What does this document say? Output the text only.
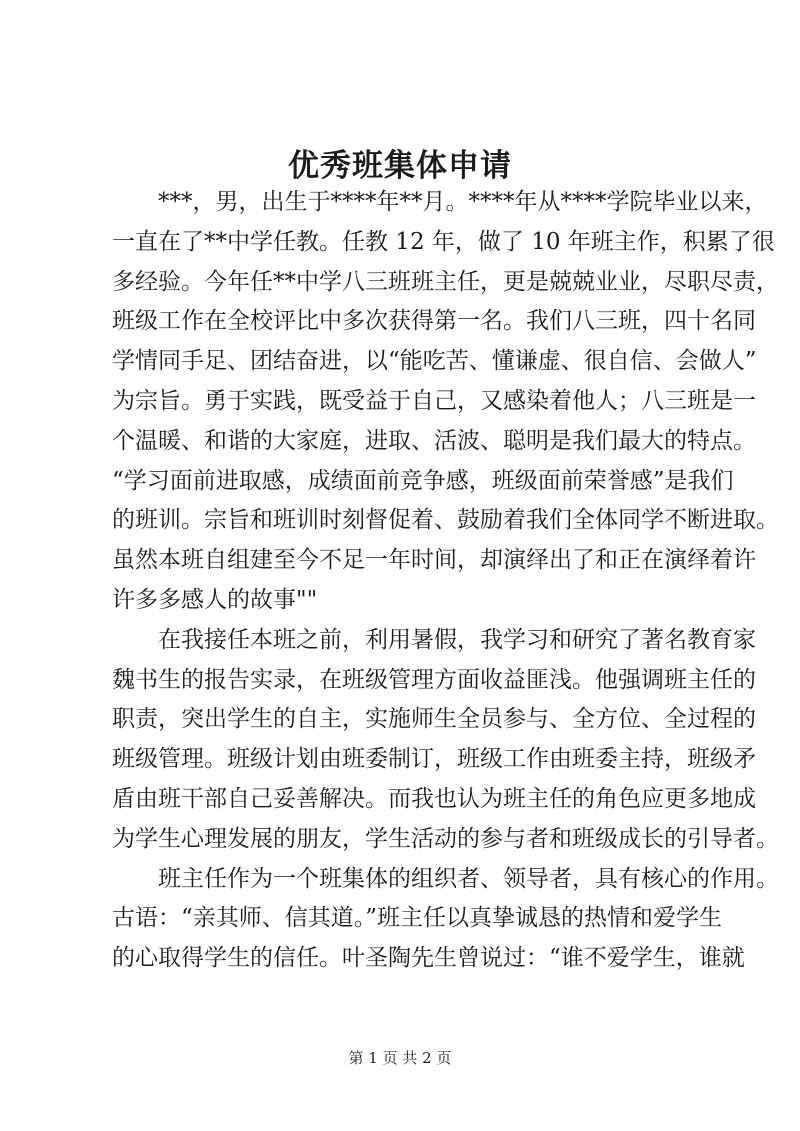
优秀班集体申请
***，男，出生于****年**月。****年从****学院毕业以来，
一直在了**中学任教。任教 12 年，做了 10 年班主作，积累了很
多经验。今年任**中学八三班班主任，更是兢兢业业，尽职尽责，
班级工作在全校评比中多次获得第一名。我们八三班，四十名同
学情同手足、团结奋进，以“能吃苦、懂谦虚、很自信、会做人”
为宗旨。勇于实践，既受益于自己，又感染着他人；八三班是一
个温暖、和谐的大家庭，进取、活波、聪明是我们最大的特点。
“学习面前进取感，成绩面前竞争感，班级面前荣誉感”是我们
的班训。宗旨和班训时刻督促着、鼓励着我们全体同学不断进取。
虽然本班自组建至今不足一年时间，却演绎出了和正在演绎着许
许多多感人的故事""
在我接任本班之前，利用暑假，我学习和研究了著名教育家
魏书生的报告实录，在班级管理方面收益匪浅。他强调班主任的
职责，突出学生的自主，实施师生全员参与、全方位、全过程的
班级管理。班级计划由班委制订，班级工作由班委主持，班级矛
盾由班干部自己妥善解决。而我也认为班主任的角色应更多地成
为学生心理发展的朋友，学生活动的参与者和班级成长的引导者。
班主任作为一个班集体的组织者、领导者，具有核心的作用。
古语：“亲其师、信其道。”班主任以真挚诚恳的热情和爱学生
的心取得学生的信任。叶圣陶先生曾说过：“谁不爱学生，谁就
第 1 页 共 2 页
